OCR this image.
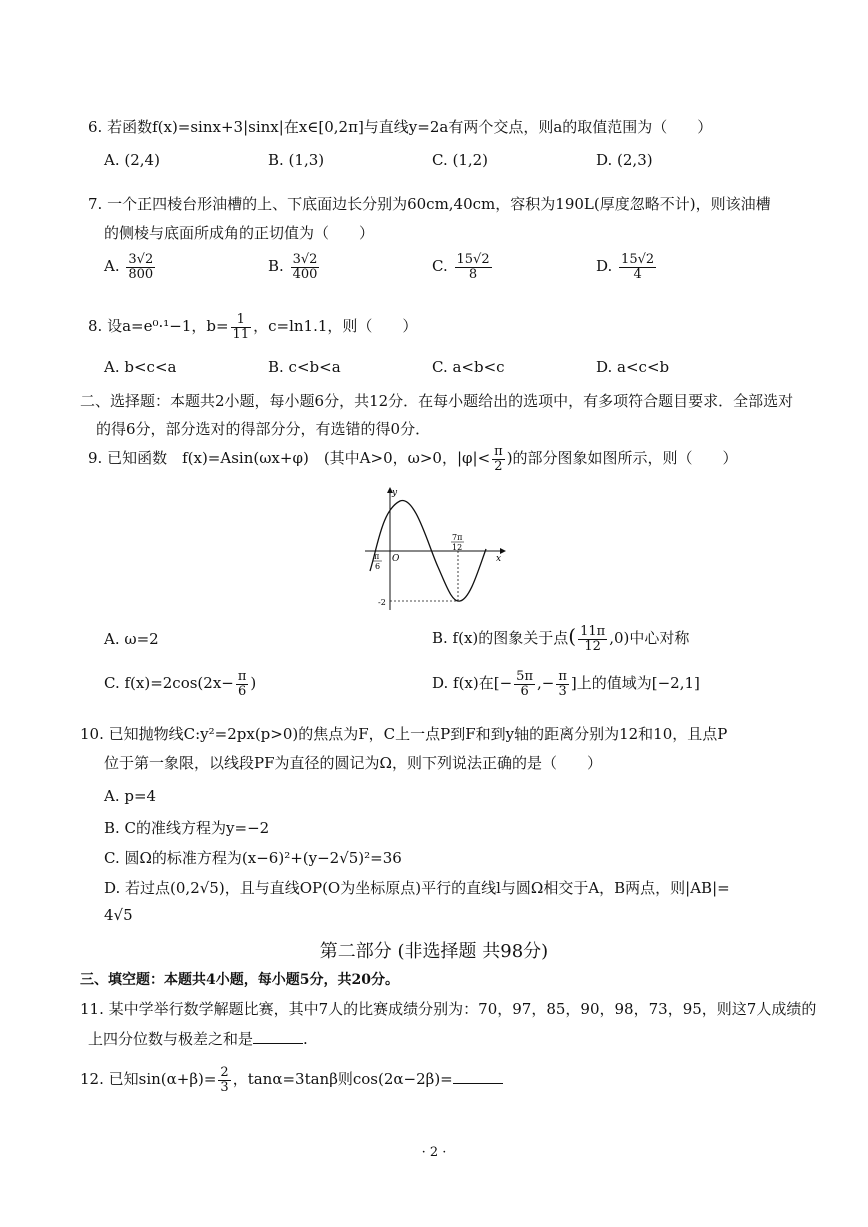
6. 若函数f(x)=sinx+3|sinx|在x∈[0,2π]与直线y=2a有两个交点，则a的取值范围为（　　）
A. (2,4)	B. (1,3)	C. (1,2)	D. (2,3)
7. 一个正四棱台形油槽的上、下底面边长分别为60cm,40cm，容积为190L(厚度忽略不计)，则该油槽
的侧棱与底面所成角的正切值为（　　）
A. $\frac{3√2}{800}$	B. $\frac{3√2}{400}$	C. $\frac{15√2}{8}$	D. $\frac{15√2}{4}$
8. 设a=e⁰·¹−1，$b= \frac{1}{11}$ ，c=ln1.1，则（　　）
A. b<c<a	B. c<b<a	C. a<b<c	D. a<c<b
二、选择题：本题共2小题，每小题6分，共12分．在每小题给出的选项中，有多项符合题目要求．全部选对
的得6分，部分选对的得部分分，有选错的得0分．
9. 已知函数　f(x)=Asin(ωx+φ)　(其中A>0，ω>0，$|\varphi|< \frac{\pi}{2}$ )的部分图象如图所示，则（　　）
y
x
O
π
6
7π
12
-2
A. ω=2	B. f(x)的图象关于点( $\frac{11\pi}{12} ,0$)中心对称
C. $f(x)=2\cos(2x- \frac{\pi}{6}$ )	D. f(x)在[− $\frac{5\pi}{6}$ ,− $\frac{\pi}{3}$ ]上的值域为[−2,1]
10. 已知抛物线C:y²=2px(p>0)的焦点为F，C上一点P到F和到y轴的距离分别为12和10，且点P
位于第一象限，以线段PF为直径的圆记为Ω，则下列说法正确的是（　　）
A. p=4
B. C的准线方程为y=−2
C. 圆Ω的标准方程为(x−6)²+(y−2√5)²=36
D. 若过点(0,2√5)，且与直线OP(O为坐标原点)平行的直线l与圆Ω相交于A，B两点，则|AB|=
4√5
第二部分 (非选择题 共98分)
三、填空题：本题共4小题，每小题5分，共20分。
11. 某中学举行数学解题比赛，其中7人的比赛成绩分别为：70，97，85，90，98，73，95，则这7人成绩的
上四分位数与极差之和是	.
12. 已知$\sin(\alpha+\beta)= \frac{2}{3}$ ，tanα=3tanβ则cos(2α−2β)=
· 2 ·
